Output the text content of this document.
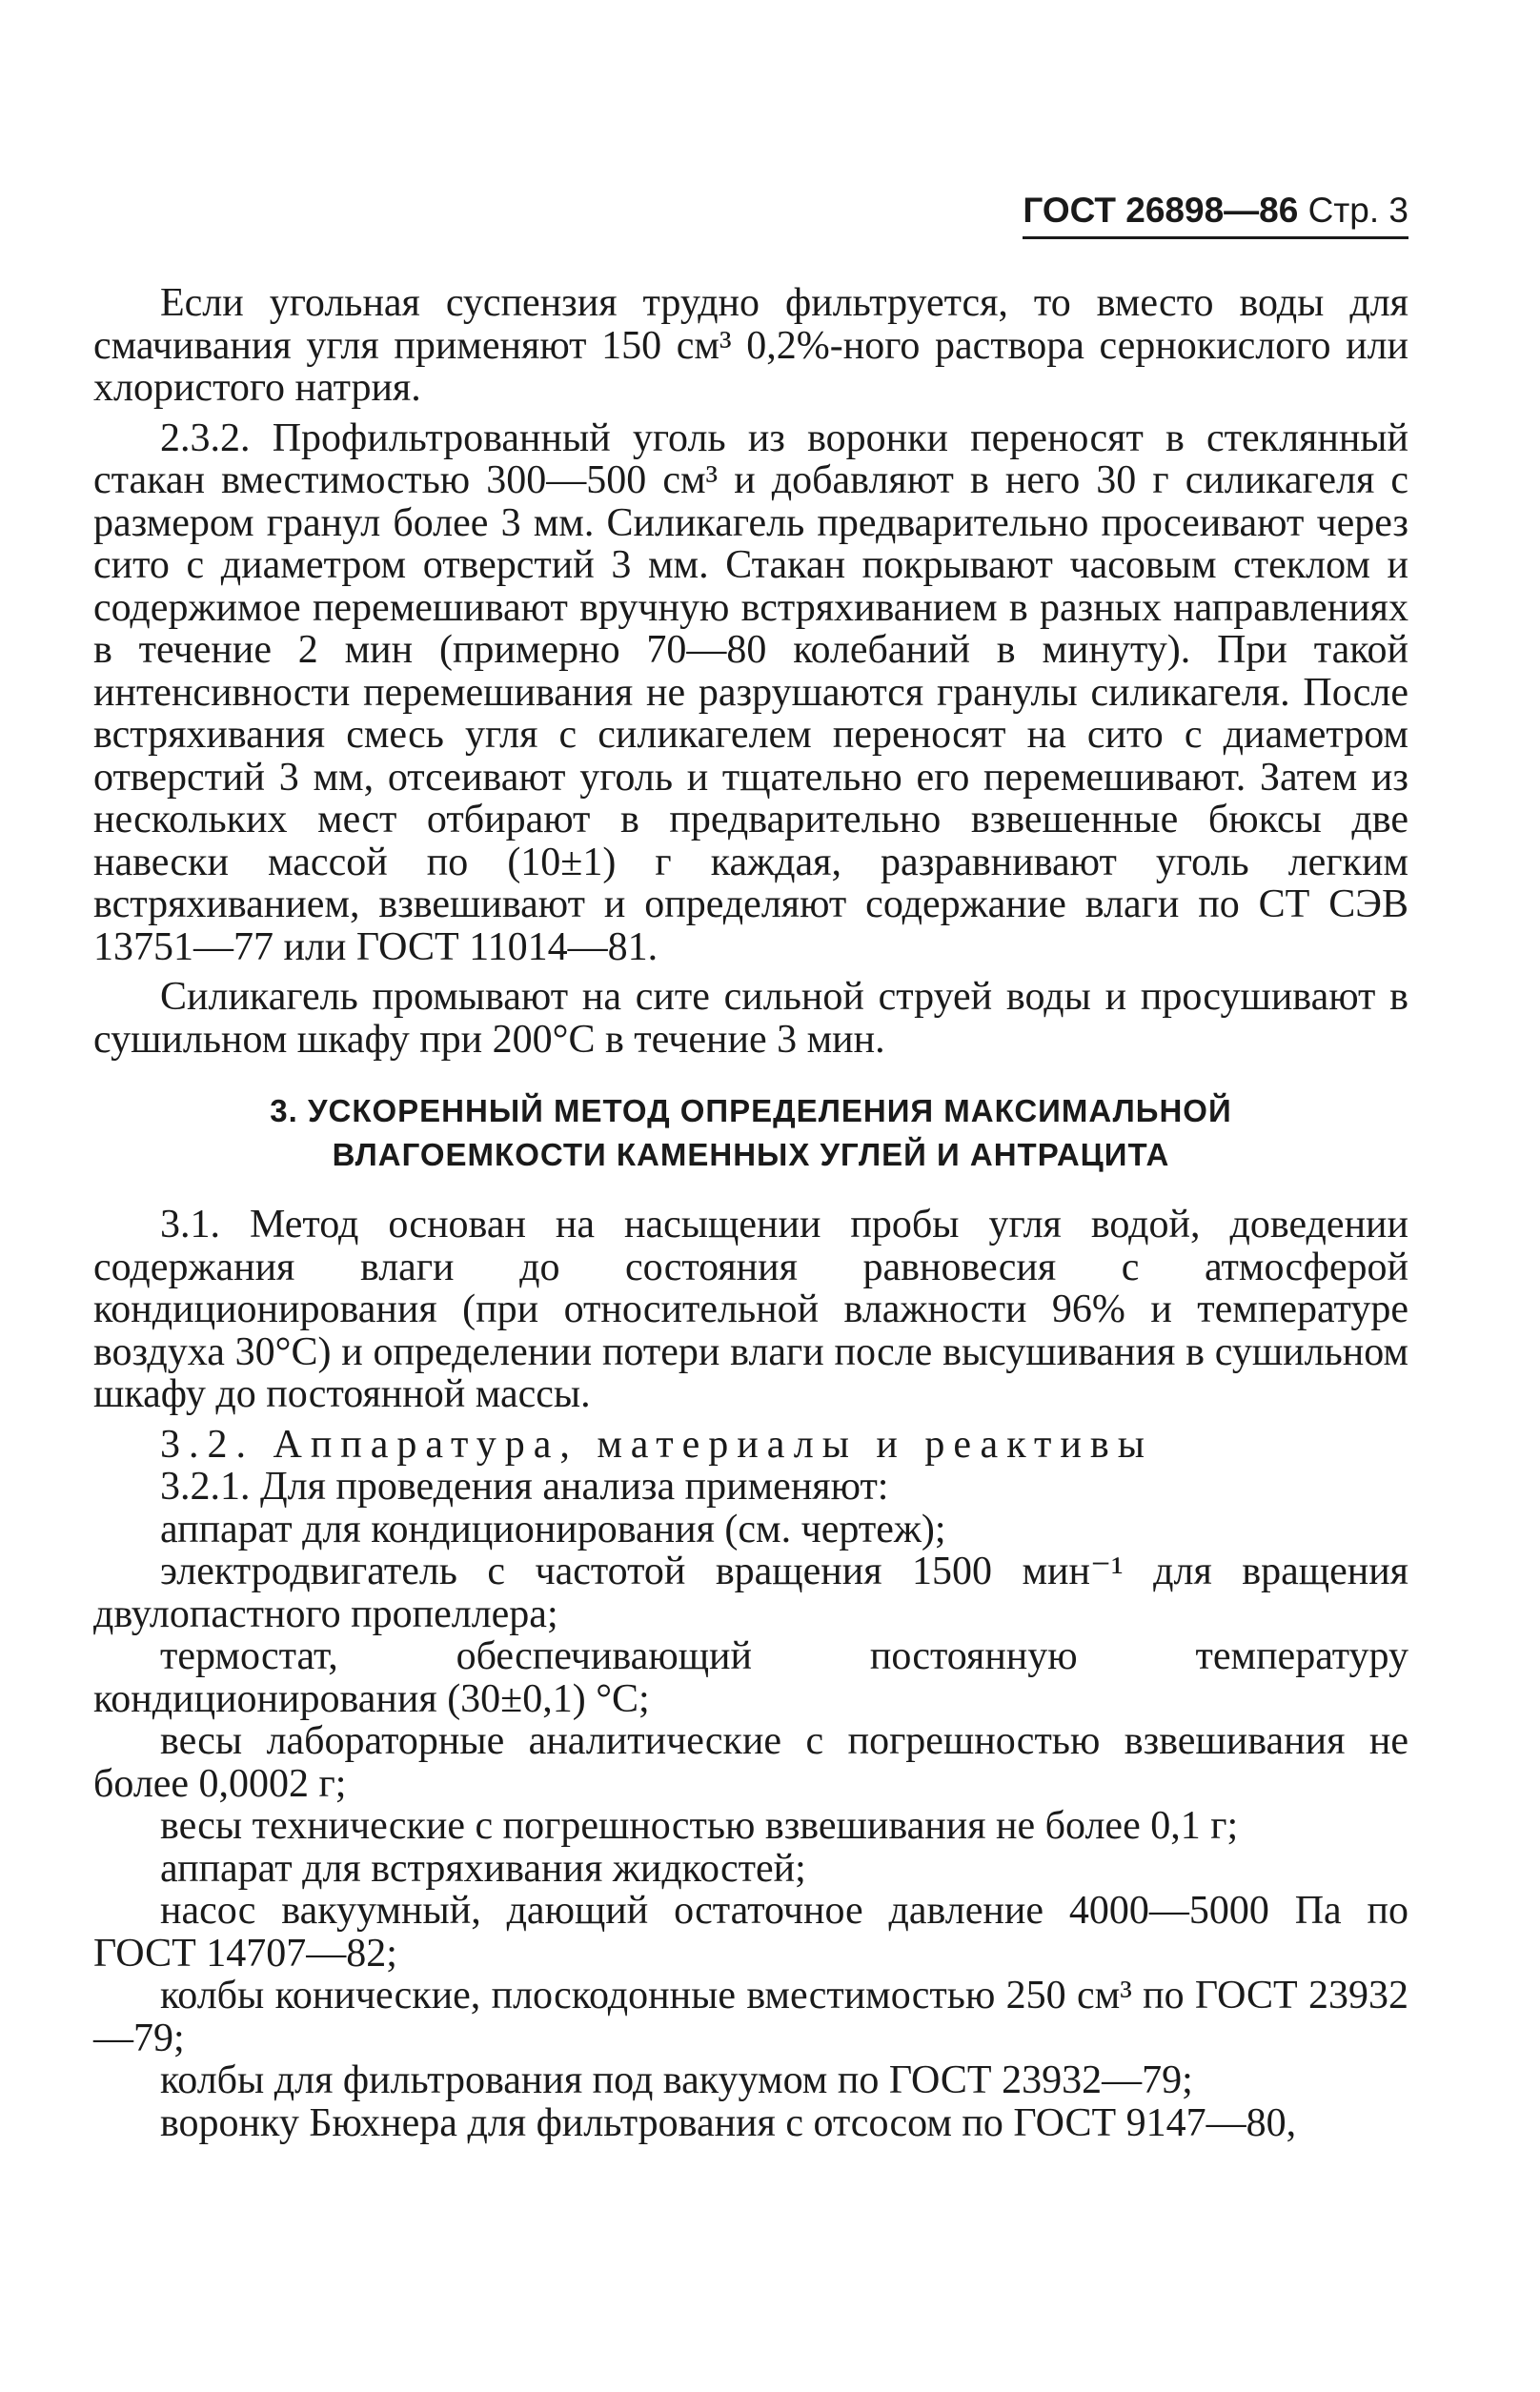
ГОСТ 26898—86 Стр. 3

Если угольная суспензия трудно фильтруется, то вместо воды для смачивания угля применяют 150 см³ 0,2%-ного раствора сернокислого или хлористого натрия.

2.3.2. Профильтрованный уголь из воронки переносят в стеклянный стакан вместимостью 300—500 см³ и добавляют в него 30 г силикагеля с размером гранул более 3 мм. Силикагель предварительно просеивают через сито с диаметром отверстий 3 мм. Стакан покрывают часовым стеклом и содержимое перемешивают вручную встряхиванием в разных направлениях в течение 2 мин (примерно 70—80 колебаний в минуту). При такой интенсивности перемешивания не разрушаются гранулы силикагеля. После встряхивания смесь угля с силикагелем переносят на сито с диаметром отверстий 3 мм, отсеивают уголь и тщательно его перемешивают. Затем из нескольких мест отбирают в предварительно взвешенные бюксы две навески массой по (10±1) г каждая, разравнивают уголь легким встряхиванием, взвешивают и определяют содержание влаги по СТ СЭВ 13751—77 или ГОСТ 11014—81.

Силикагель промывают на сите сильной струей воды и просушивают в сушильном шкафу при 200°С в течение 3 мин.

3. УСКОРЕННЫЙ МЕТОД ОПРЕДЕЛЕНИЯ МАКСИМАЛЬНОЙ
ВЛАГОЕМКОСТИ КАМЕННЫХ УГЛЕЙ И АНТРАЦИТА

3.1. Метод основан на насыщении пробы угля водой, доведении содержания влаги до состояния равновесия с атмосферой кондиционирования (при относительной влажности 96% и температуре воздуха 30°С) и определении потери влаги после высушивания в сушильном шкафу до постоянной массы.

3.2. Аппаратура, материалы и реактивы

3.2.1. Для проведения анализа применяют:

аппарат для кондиционирования (см. чертеж);

электродвигатель с частотой вращения 1500 мин⁻¹ для вращения двулопастного пропеллера;

термостат, обеспечивающий постоянную температуру кондиционирования (30±0,1) °С;

весы лабораторные аналитические с погрешностью взвешивания не более 0,0002 г;

весы технические с погрешностью взвешивания не более 0,1 г;

аппарат для встряхивания жидкостей;

насос вакуумный, дающий остаточное давление 4000—5000 Па по ГОСТ 14707—82;

колбы конические, плоскодонные вместимостью 250 см³ по ГОСТ 23932—79;

колбы для фильтрования под вакуумом по ГОСТ 23932—79;

воронку Бюхнера для фильтрования с отсосом по ГОСТ 9147—80,
